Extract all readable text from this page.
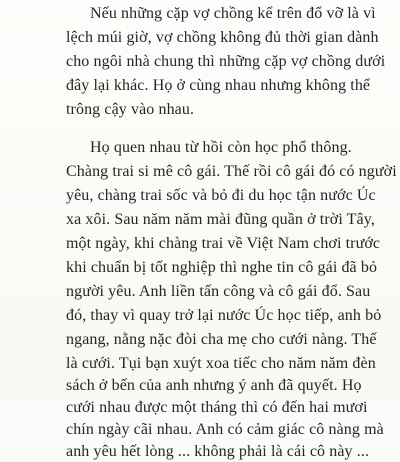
Nếu những cặp vợ chồng kể trên đổ vỡ là vì
lệch múi giờ, vợ chồng không đủ thời gian dành
cho ngôi nhà chung thì những cặp vợ chồng dưới
đây lại khác. Họ ở cùng nhau nhưng không thể
trông cậy vào nhau.
Họ quen nhau từ hồi còn học phổ thông.
Chàng trai si mê cô gái. Thế rồi cô gái đó có người
yêu, chàng trai sốc và bỏ đi du học tận nước Úc
xa xôi. Sau năm năm mài đũng quần ở trời Tây,
một ngày, khi chàng trai về Việt Nam chơi trước
khi chuẩn bị tốt nghiệp thì nghe tin cô gái đã bỏ
người yêu. Anh liền tấn công và cô gái đổ. Sau
đó, thay vì quay trở lại nước Úc học tiếp, anh bỏ
ngang, nằng nặc đòi cha mẹ cho cưới nàng. Thế
là cưới. Tụi bạn xuýt xoa tiếc cho năm năm đèn
sách ở bến của anh nhưng ý anh đã quyết. Họ
cưới nhau được một tháng thì có đến hai mươi
chín ngày cãi nhau. Anh có cảm giác cô nàng mà
anh yêu hết lòng ... không phải là cái cô này ...
